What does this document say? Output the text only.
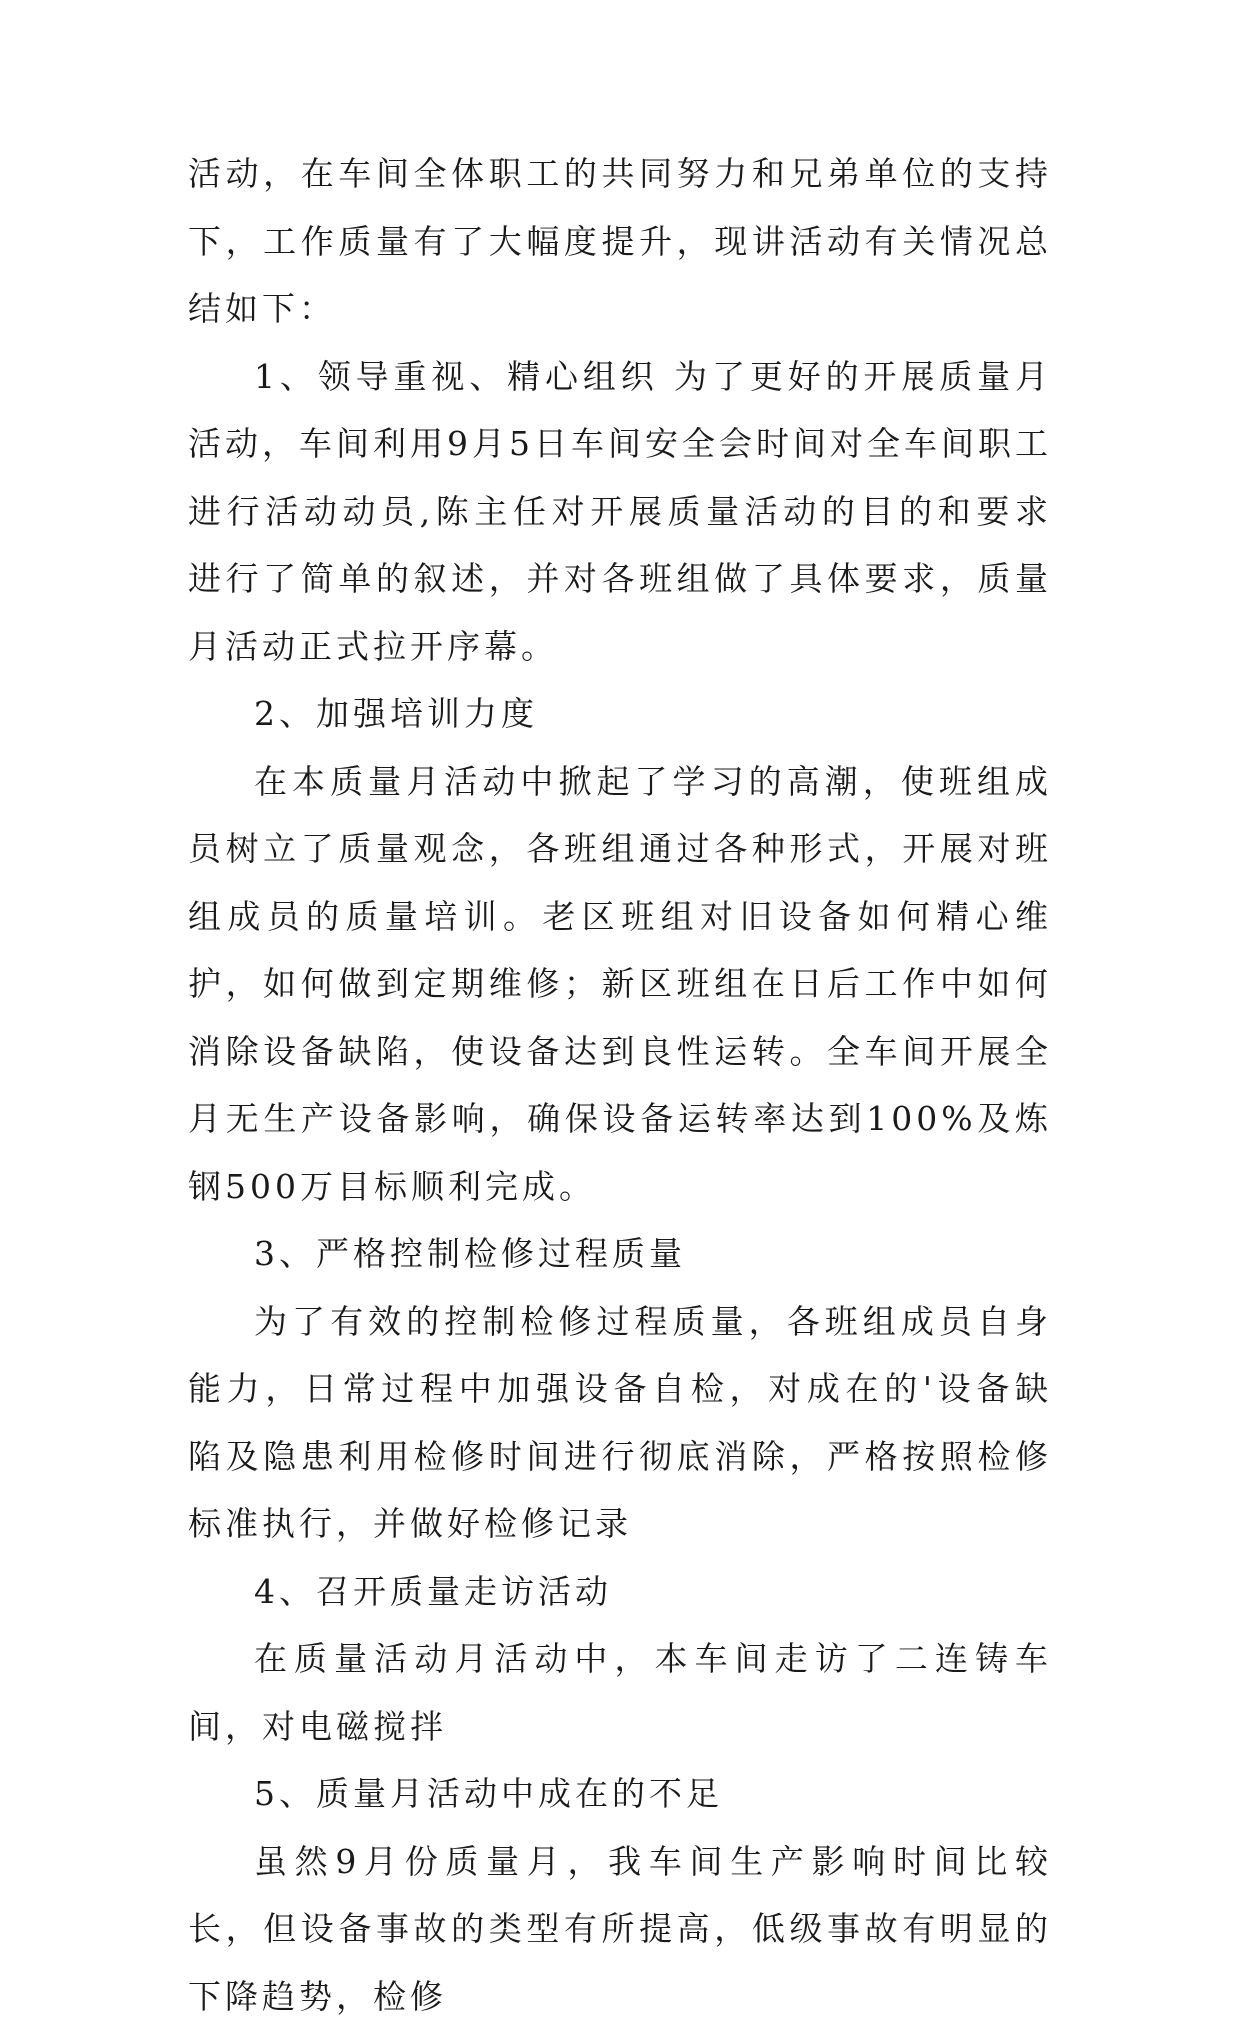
活动，在车间全体职工的共同努力和兄弟单位的支持下，工作质量有了大幅度提升，现讲活动有关情况总结如下：

1、领导重视、精心组织 为了更好的开展质量月活动，车间利用9月5日车间安全会时间对全车间职工进行活动动员,陈主任对开展质量活动的目的和要求进行了简单的叙述，并对各班组做了具体要求，质量月活动正式拉开序幕。

2、加强培训力度

在本质量月活动中掀起了学习的高潮，使班组成员树立了质量观念，各班组通过各种形式，开展对班组成员的质量培训。老区班组对旧设备如何精心维护，如何做到定期维修；新区班组在日后工作中如何消除设备缺陷，使设备达到良性运转。全车间开展全月无生产设备影响，确保设备运转率达到100%及炼钢500万目标顺利完成。

3、严格控制检修过程质量

为了有效的控制检修过程质量，各班组成员自身能力，日常过程中加强设备自检，对成在的'设备缺陷及隐患利用检修时间进行彻底消除，严格按照检修标准执行，并做好检修记录

4、召开质量走访活动

在质量活动月活动中，本车间走访了二连铸车间，对电磁搅拌

5、质量月活动中成在的不足

虽然9月份质量月，我车间生产影响时间比较长，但设备事故的类型有所提高，低级事故有明显的下降趋势，检修
